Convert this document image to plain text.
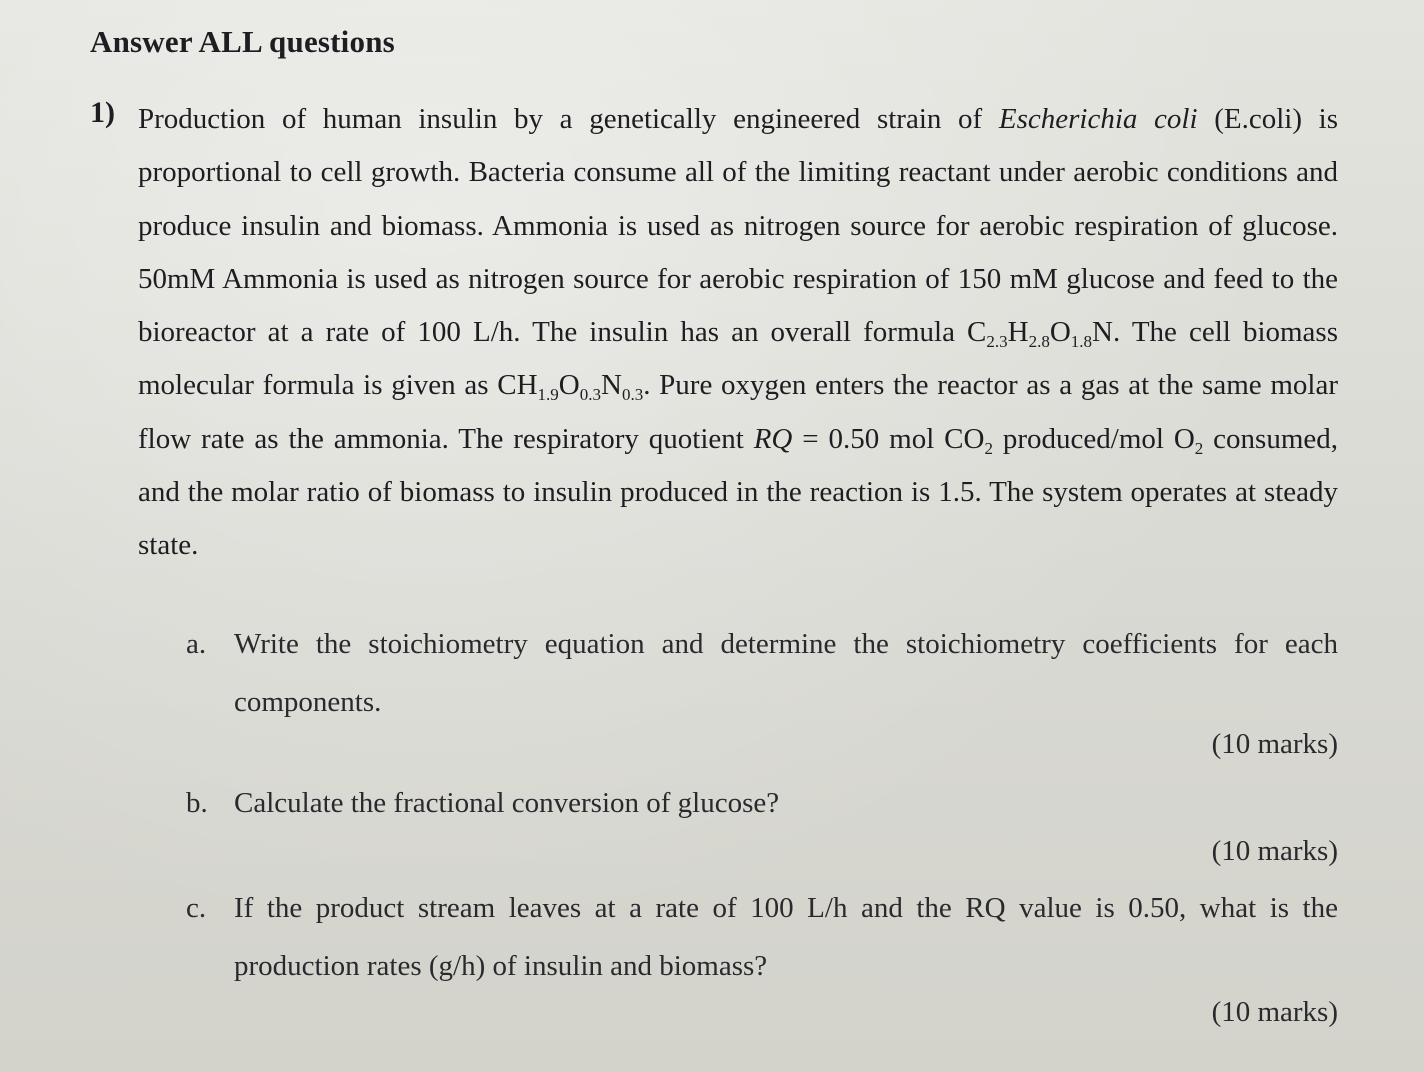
Answer ALL questions
1) Production of human insulin by a genetically engineered strain of Escherichia coli (E.coli) is proportional to cell growth. Bacteria consume all of the limiting reactant under aerobic conditions and produce insulin and biomass. Ammonia is used as nitrogen source for aerobic respiration of glucose. 50mM Ammonia is used as nitrogen source for aerobic respiration of 150 mM glucose and feed to the bioreactor at a rate of 100 L/h. The insulin has an overall formula $C_{2.3}H_{2.8}O_{1.8}N$. The cell biomass molecular formula is given as $CH_{1.9}O_{0.3}N_{0.3}$. Pure oxygen enters the reactor as a gas at the same molar flow rate as the ammonia. The respiratory quotient RQ = 0.50 mol $CO_2$ produced/mol $O_2$ consumed, and the molar ratio of biomass to insulin produced in the reaction is 1.5. The system operates at steady state.
a. Write the stoichiometry equation and determine the stoichiometry coefficients for each components.
(10 marks)
b. Calculate the fractional conversion of glucose?
(10 marks)
c. If the product stream leaves at a rate of 100 L/h and the RQ value is 0.50, what is the production rates (g/h) of insulin and biomass?
(10 marks)
